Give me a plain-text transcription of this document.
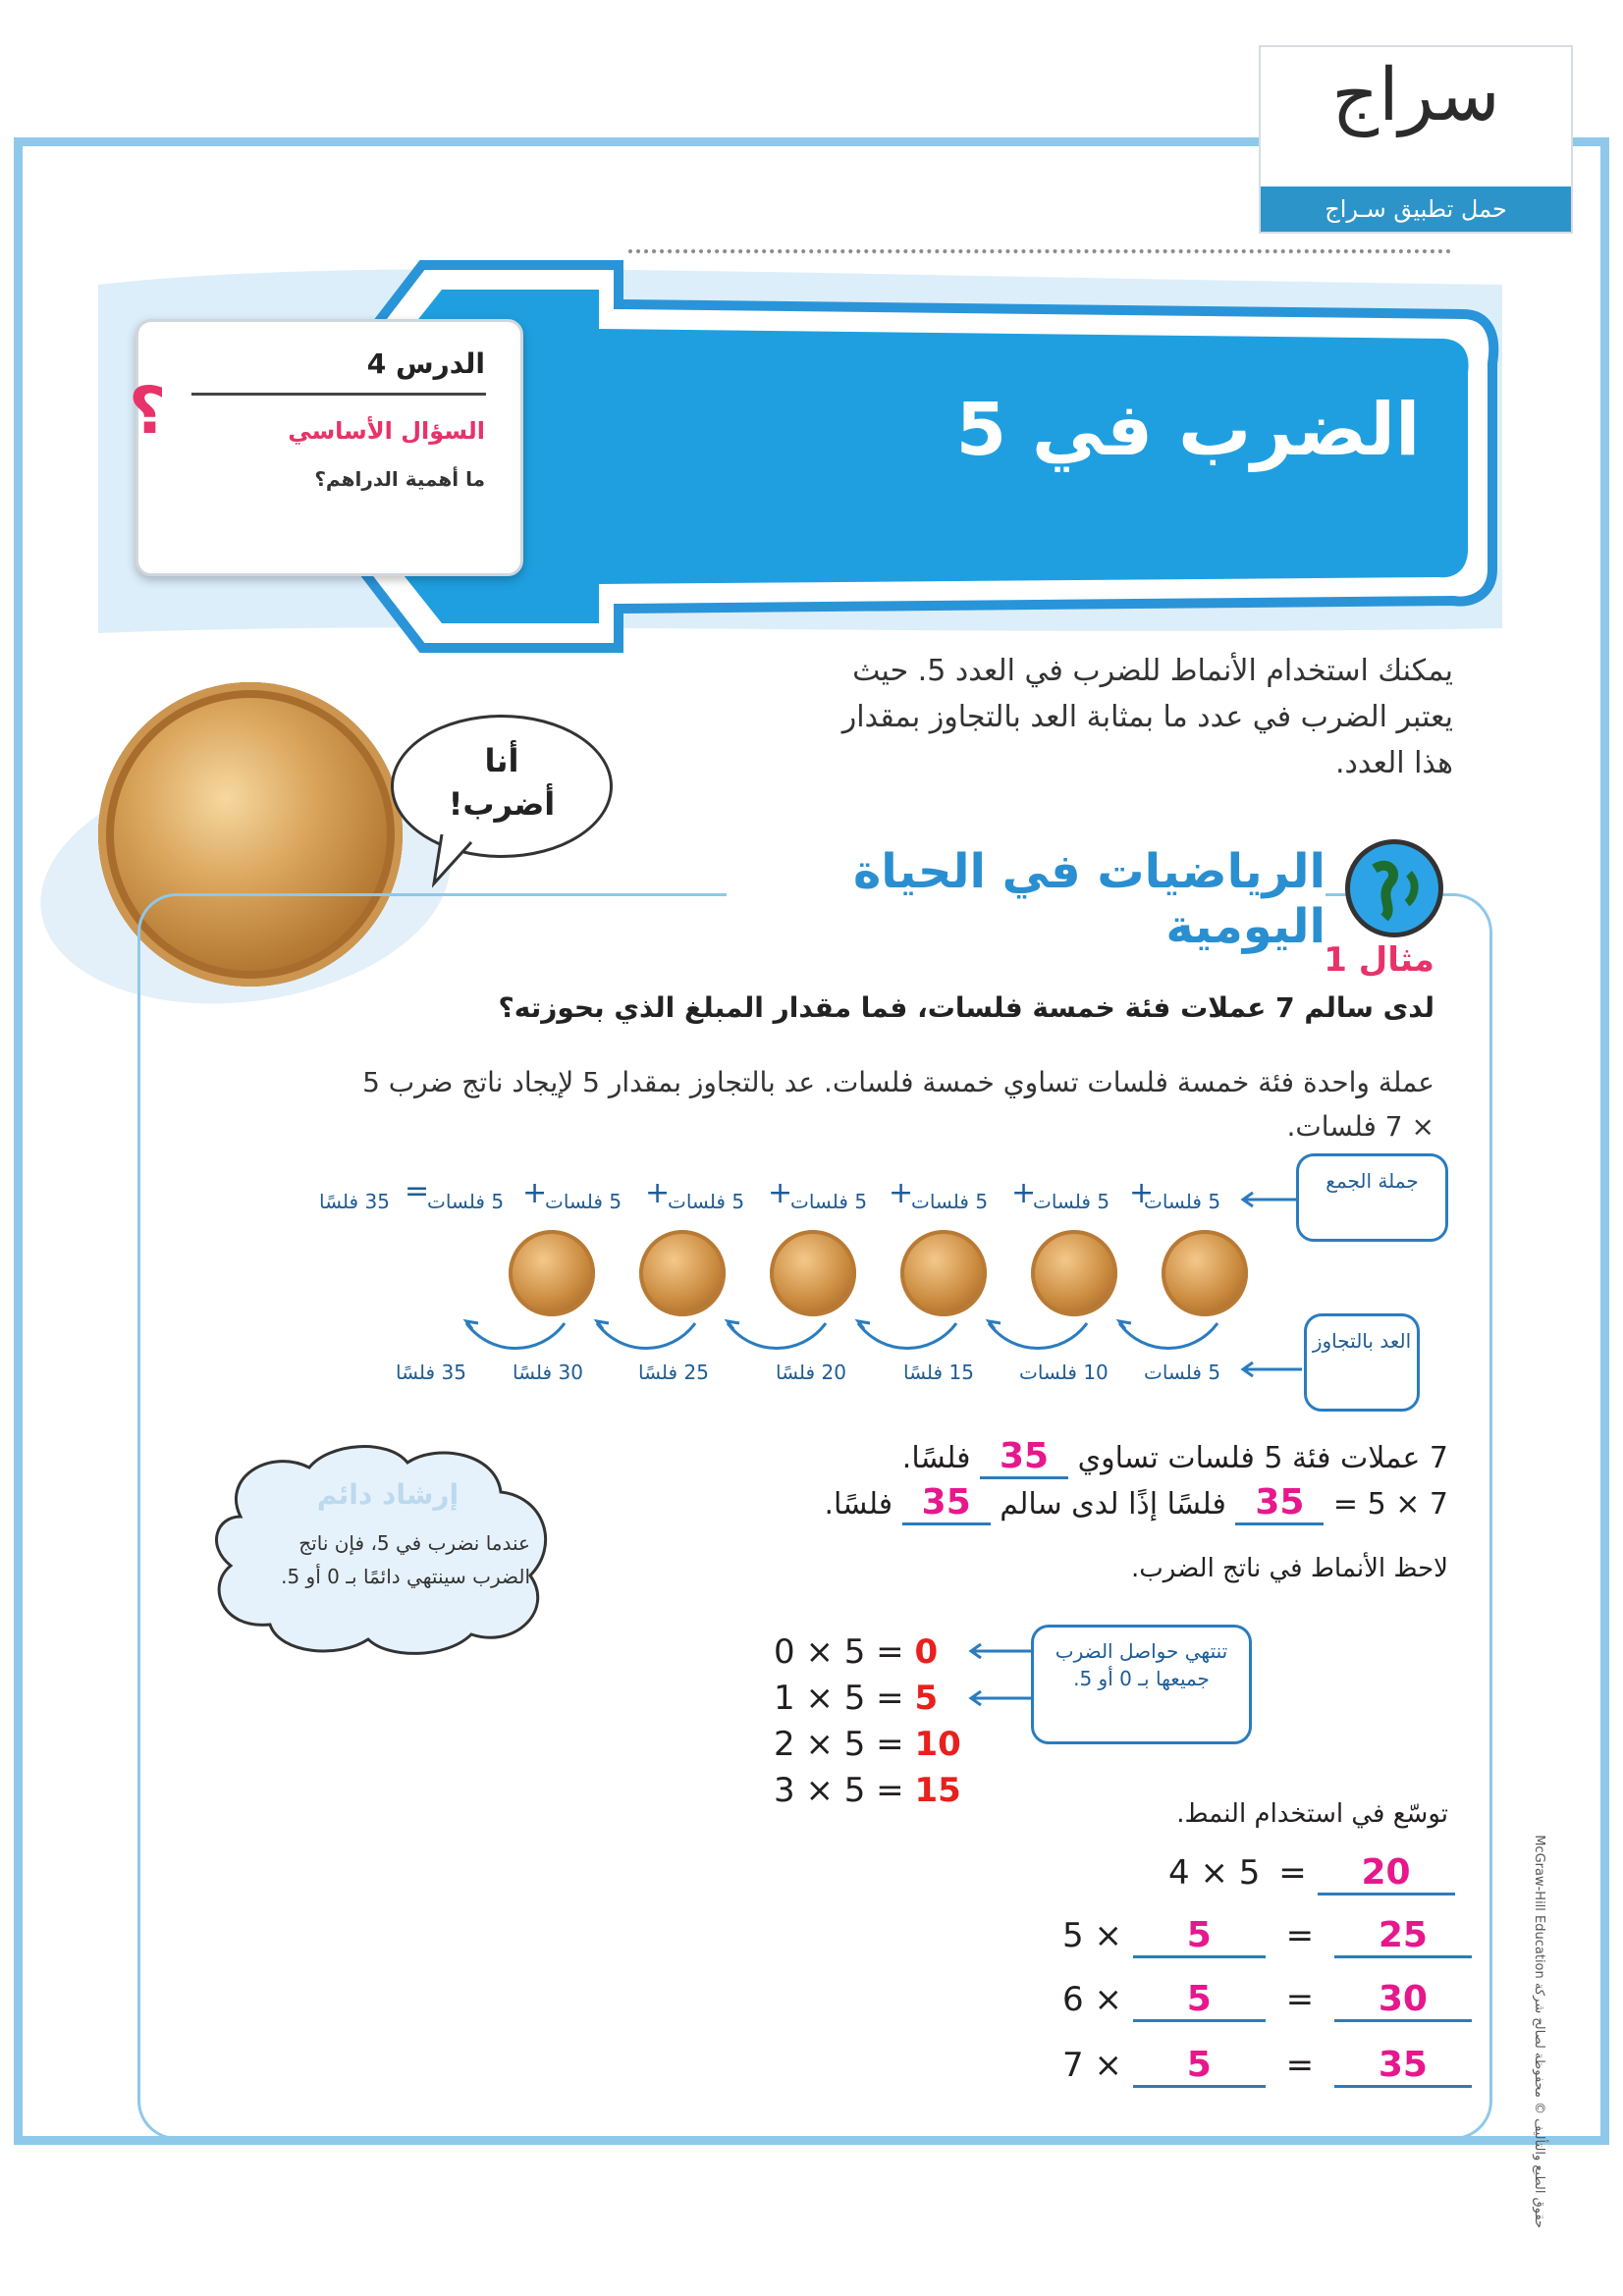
سراج
حمل تطبيق سـراج
الضرب في 5
الدرس 4
السؤال الأساسي
ما أهمية الدراهم؟
؟
يمكنك استخدام الأنماط للضرب في العدد 5. حيث يعتبر الضرب في عدد ما بمثابة العد بالتجاوز بمقدار هذا العدد.
أنا
أضرب!
الرياضيات في الحياة اليومية
مثال 1
لدى سالم 7 عملات فئة خمسة فلسات، فما مقدار المبلغ الذي بحوزته؟
عملة واحدة فئة خمسة فلسات تساوي خمسة فلسات. عد بالتجاوز بمقدار 5 لإيجاد ناتج ضرب 5 × 7 فلسات.
جملة الجمع
5 فلسات
+
5 فلسات
+
5 فلسات
+
5 فلسات
+
5 فلسات
+
5 فلسات
+
5 فلسات
=
35 فلسًا
العد بالتجاوز
5 فلسات
10 فلسات
15 فلسًا
20 فلسًا
25 فلسًا
30 فلسًا
35 فلسًا
7 عملات فئة 5 فلسات تساوي 35 فلسًا.
5 × 7 = 35 فلسًا إذًا لدى سالم 35 فلسًا.
إرشاد دائم
عندما نضرب في 5، فإن ناتج الضرب سينتهي دائمًا بـ 0 أو 5.	لاحظ الأنماط في ناتج الضرب.
تنتهي حواصل الضرب جميعها بـ 0 أو 5.
0 × 5 = 0
1 × 5 = 5
2 × 5 = 10
3 × 5 = 15
توسّع في استخدام النمط.
4 × 5 = 20
5 × 5 = 25
6 × 5 = 30
7 × 5 = 35
حقوق الطبع والتأليف © محفوظة لصالح شركة McGraw-Hill Education
